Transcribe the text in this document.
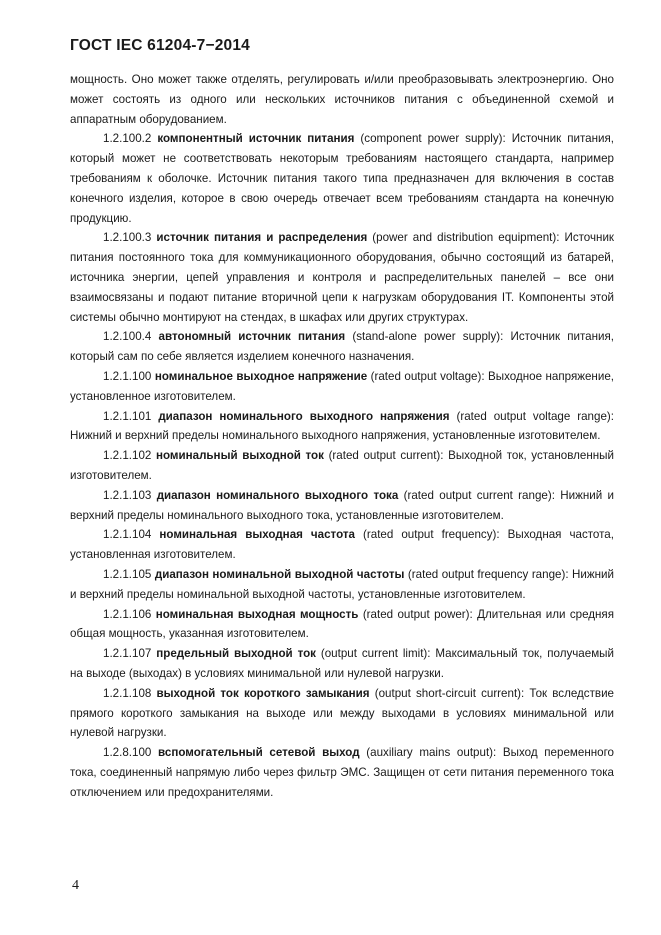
ГОСТ IEC 61204-7−2014

мощность. Оно может также отделять, регулировать и/или преобразовывать электроэнергию. Оно может состоять из одного или нескольких источников питания с объединенной схемой и аппаратным оборудованием.

1.2.100.2 компонентный источник питания (component power supply): Источник питания, который может не соответствовать некоторым требованиям настоящего стандарта, например требованиям к оболочке. Источник питания такого типа предназначен для включения в состав конечного изделия, которое в свою очередь отвечает всем требованиям стандарта на конечную продукцию.

1.2.100.3 источник питания и распределения (power and distribution equipment): Источник питания постоянного тока для коммуникационного оборудования, обычно состоящий из батарей, источника энергии, цепей управления и контроля и распределительных панелей – все они взаимосвязаны и подают питание вторичной цепи к нагрузкам оборудования IT. Компоненты этой системы обычно монтируют на стендах, в шкафах или других структурах.

1.2.100.4 автономный источник питания (stand-alone power supply): Источник питания, который сам по себе является изделием конечного назначения.

1.2.1.100 номинальное выходное напряжение (rated output voltage): Выходное напряжение, установленное изготовителем.

1.2.1.101 диапазон номинального выходного напряжения (rated output voltage range): Нижний и верхний пределы номинального выходного напряжения, установленные изготовителем.

1.2.1.102 номинальный выходной ток (rated output current): Выходной ток, установленный изготовителем.

1.2.1.103 диапазон номинального выходного тока (rated output current range): Нижний и верхний пределы номинального выходного тока, установленные изготовителем.

1.2.1.104 номинальная выходная частота (rated output frequency): Выходная частота, установленная изготовителем.

1.2.1.105 диапазон номинальной выходной частоты (rated output frequency range): Нижний и верхний пределы номинальной выходной частоты, установленные изготовителем.

1.2.1.106 номинальная выходная мощность (rated output power): Длительная или средняя общая мощность, указанная изготовителем.

1.2.1.107 предельный выходной ток (output current limit): Максимальный ток, получаемый на выходе (выходах) в условиях минимальной или нулевой нагрузки.

1.2.1.108 выходной ток короткого замыкания (output short-circuit current): Ток вследствие прямого короткого замыкания на выходе или между выходами в условиях минимальной или нулевой нагрузки.

1.2.8.100 вспомогательный сетевой выход (auxiliary mains output): Выход переменного тока, соединенный напрямую либо через фильтр ЭМС. Защищен от сети питания переменного тока отключением или предохранителями.

4
